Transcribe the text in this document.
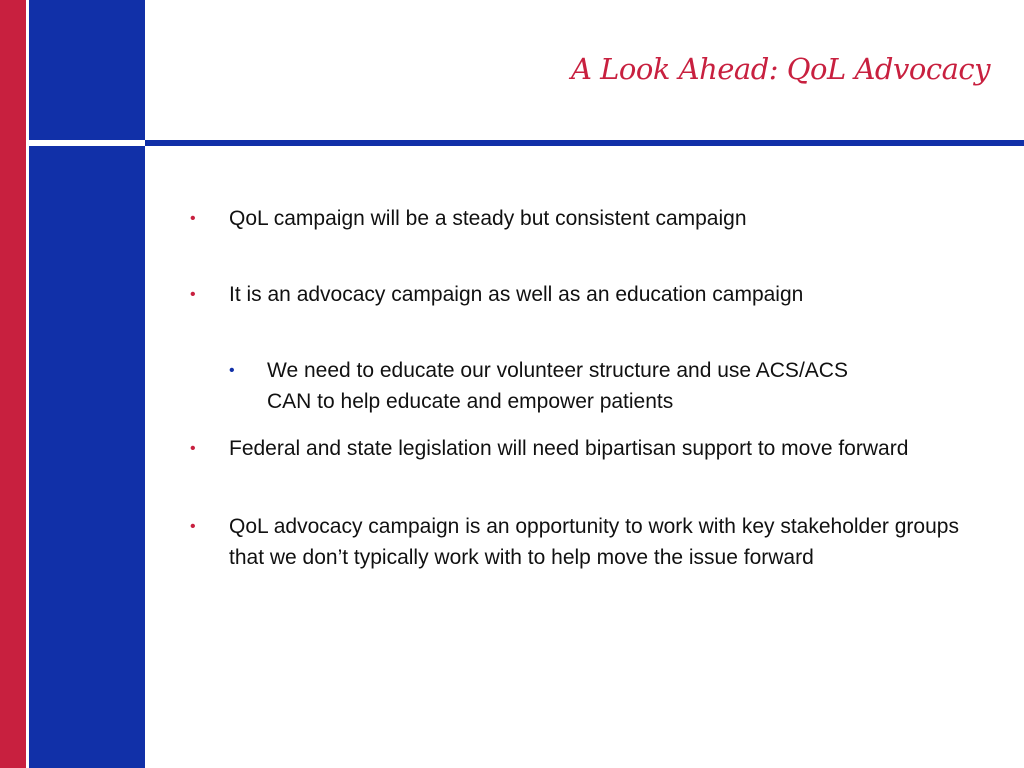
A Look Ahead: QoL Advocacy
• QoL campaign will be a steady but consistent campaign
• It is an advocacy campaign as well as an education campaign
• We need to educate our volunteer structure and use ACS/ACS CAN to help educate and empower patients
• Federal and state legislation will need bipartisan support to move forward
• QoL advocacy campaign is an opportunity to work with key stakeholder groups that we don’t typically work with to help move the issue forward
